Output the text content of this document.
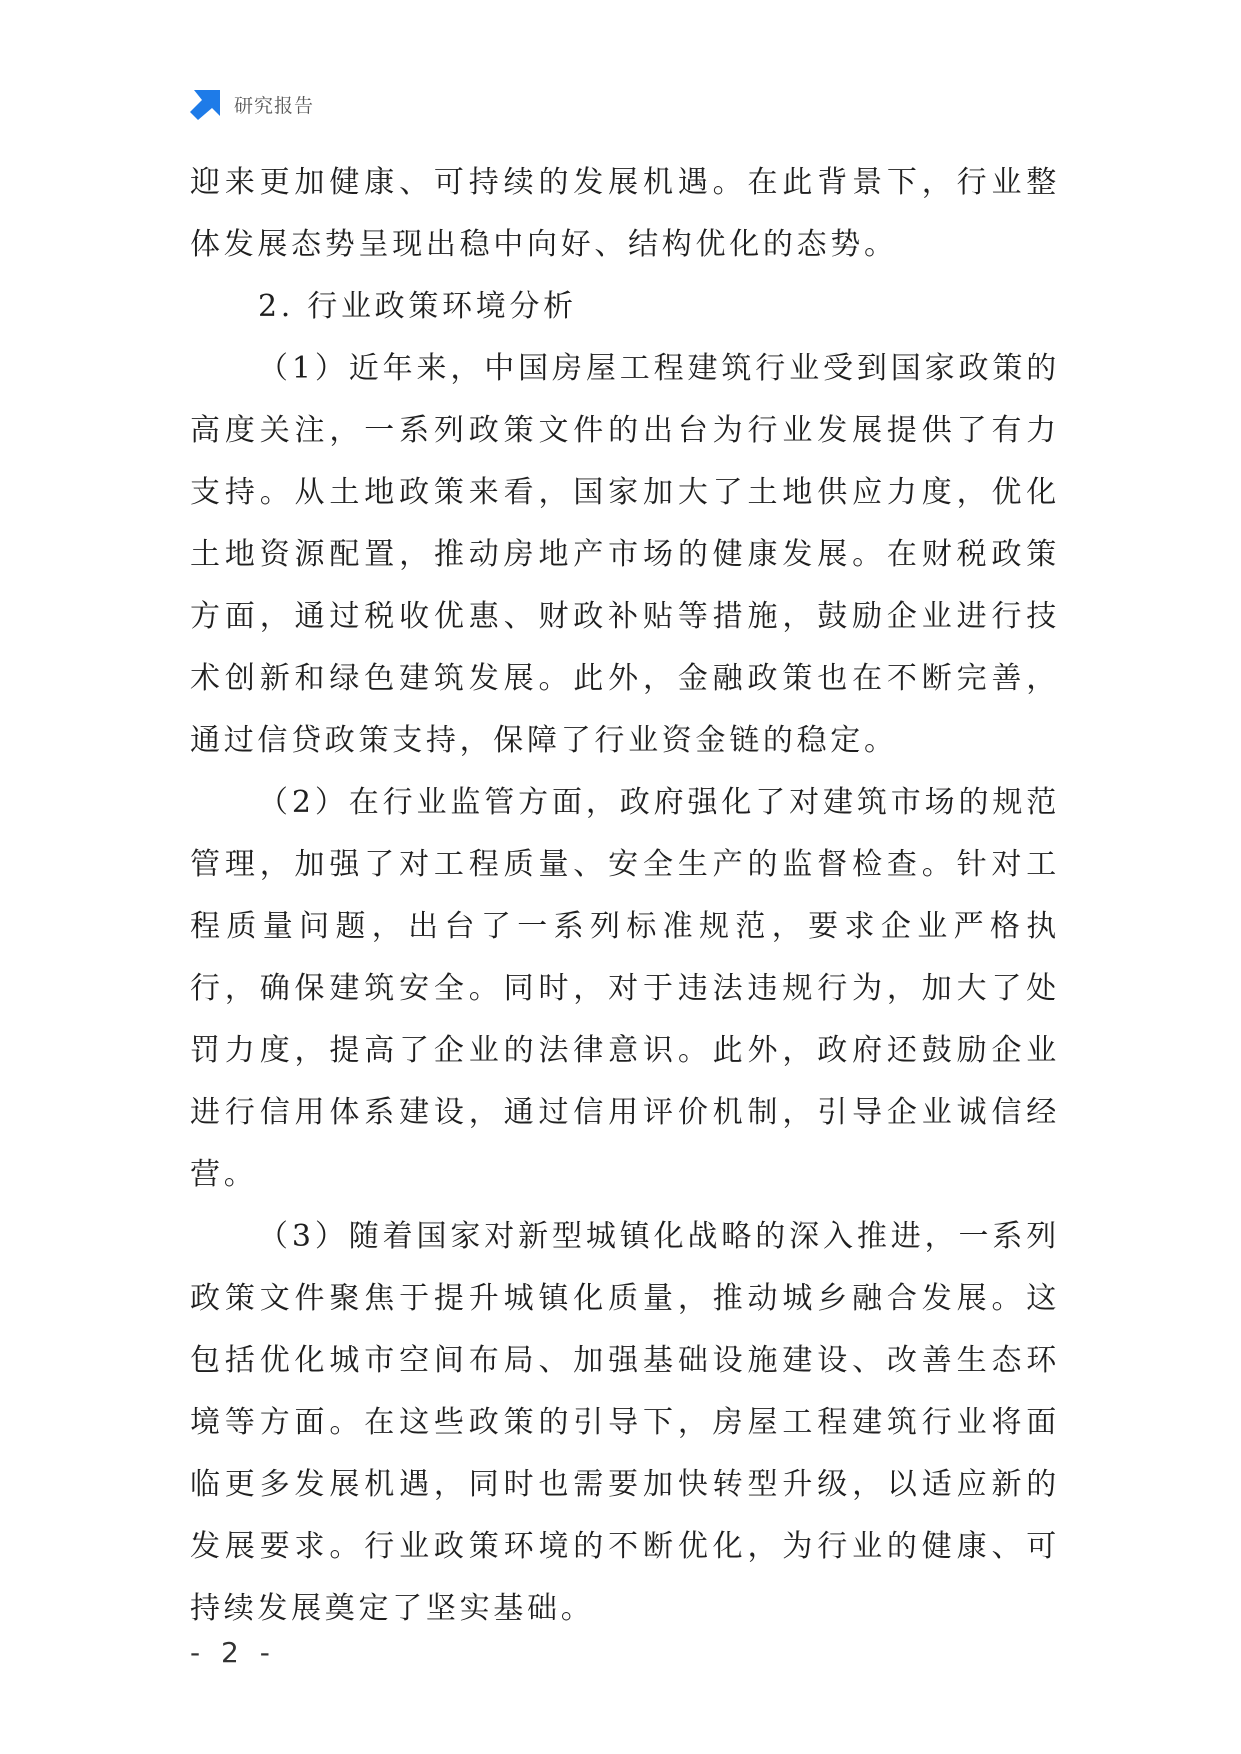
研究报告

迎来更加健康、可持续的发展机遇。在此背景下，行业整体发展态势呈现出稳中向好、结构优化的态势。

2. 行业政策环境分析

（1）近年来，中国房屋工程建筑行业受到国家政策的高度关注，一系列政策文件的出台为行业发展提供了有力支持。从土地政策来看，国家加大了土地供应力度，优化土地资源配置，推动房地产市场的健康发展。在财税政策方面，通过税收优惠、财政补贴等措施，鼓励企业进行技术创新和绿色建筑发展。此外，金融政策也在不断完善，通过信贷政策支持，保障了行业资金链的稳定。

（2）在行业监管方面，政府强化了对建筑市场的规范管理，加强了对工程质量、安全生产的监督检查。针对工程质量问题，出台了一系列标准规范，要求企业严格执行，确保建筑安全。同时，对于违法违规行为，加大了处罚力度，提高了企业的法律意识。此外，政府还鼓励企业进行信用体系建设，通过信用评价机制，引导企业诚信经营。

（3）随着国家对新型城镇化战略的深入推进，一系列政策文件聚焦于提升城镇化质量，推动城乡融合发展。这包括优化城市空间布局、加强基础设施建设、改善生态环境等方面。在这些政策的引导下，房屋工程建筑行业将面临更多发展机遇，同时也需要加快转型升级，以适应新的发展要求。行业政策环境的不断优化，为行业的健康、可持续发展奠定了坚实基础。

- 2 -
